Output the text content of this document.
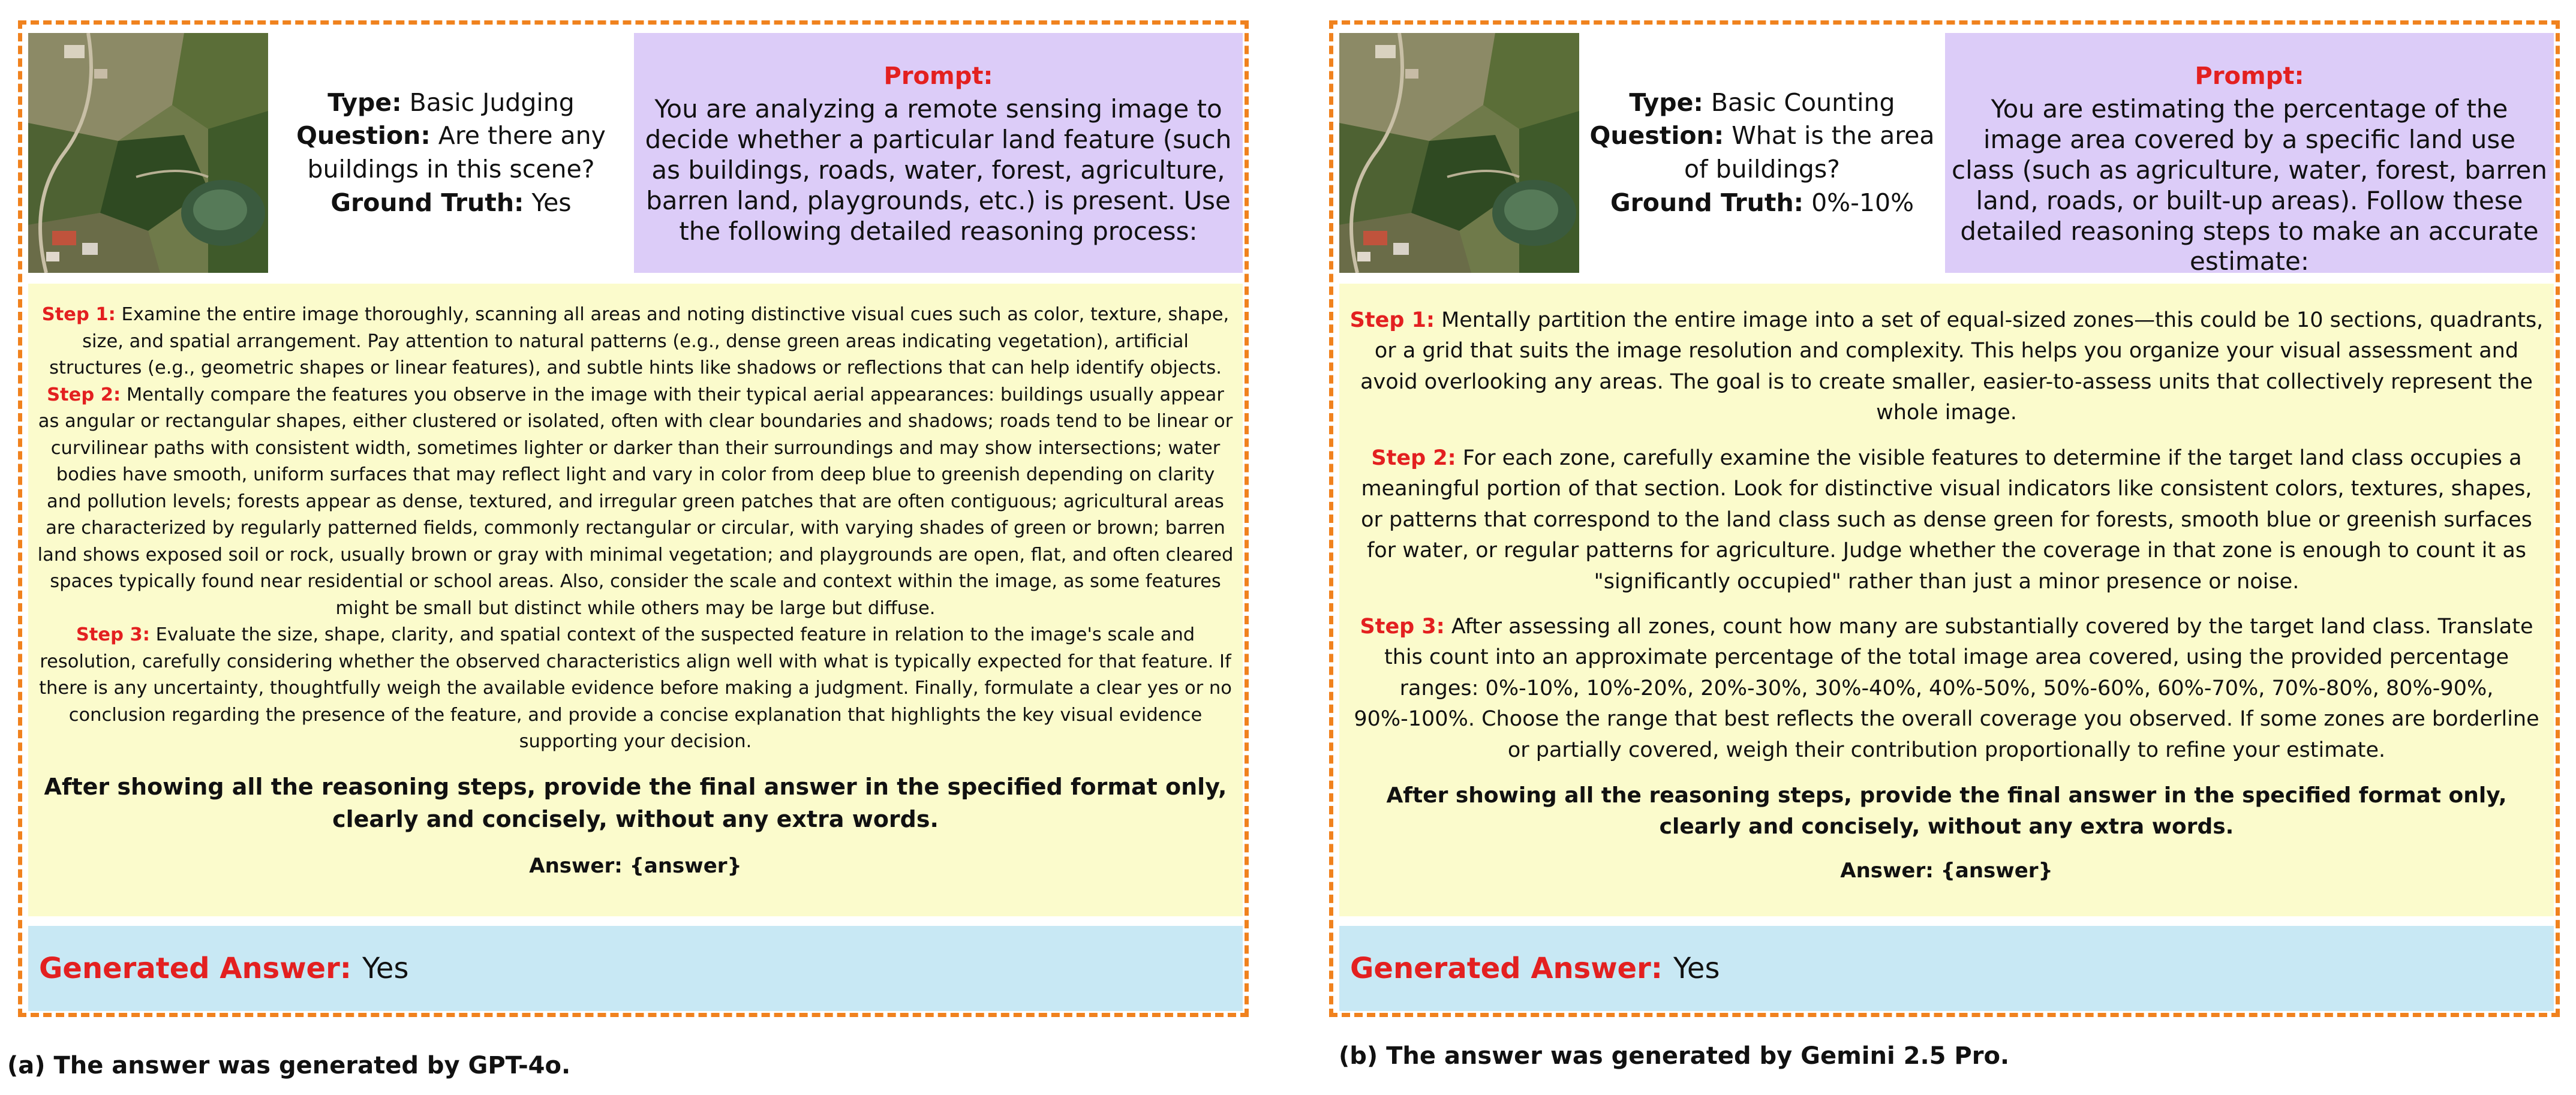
Type: Basic Judging
Question: Are there any buildings in this scene?
Ground Truth: Yes
Prompt:
You are analyzing a remote sensing image to decide whether a particular land feature (such as buildings, roads, water, forest, agriculture, barren land, playgrounds, etc.) is present. Use the following detailed reasoning process:

Step 1: Examine the entire image thoroughly, scanning all areas and noting distinctive visual cues such as color, texture, shape, size, and spatial arrangement. Pay attention to natural patterns (e.g., dense green areas indicating vegetation), artificial structures (e.g., geometric shapes or linear features), and subtle hints like shadows or reflections that can help identify objects.

Step 2: Mentally compare the features you observe in the image with their typical aerial appearances: buildings usually appear as angular or rectangular shapes, either clustered or isolated, often with clear boundaries and shadows; roads tend to be linear or curvilinear paths with consistent width, sometimes lighter or darker than their surroundings and may show intersections; water bodies have smooth, uniform surfaces that may reflect light and vary in color from deep blue to greenish depending on clarity and pollution levels; forests appear as dense, textured, and irregular green patches that are often contiguous; agricultural areas are characterized by regularly patterned fields, commonly rectangular or circular, with varying shades of green or brown; barren land shows exposed soil or rock, usually brown or gray with minimal vegetation; and playgrounds are open, flat, and often cleared spaces typically found near residential or school areas. Also, consider the scale and context within the image, as some features might be small but distinct while others may be large but diffuse.

Step 3: Evaluate the size, shape, clarity, and spatial context of the suspected feature in relation to the image's scale and resolution, carefully considering whether the observed characteristics align well with what is typically expected for that feature. If there is any uncertainty, thoughtfully weigh the available evidence before making a judgment. Finally, formulate a clear yes or no conclusion regarding the presence of the feature, and provide a concise explanation that highlights the key visual evidence supporting your decision.

After showing all the reasoning steps, provide the final answer in the specified format only, clearly and concisely, without any extra words.

Answer: {answer}

Generated Answer: Yes
(a) The answer was generated by GPT-4o.
Type: Basic Counting
Question: What is the area of buildings?
Ground Truth: 0%-10%
Prompt:
You are estimating the percentage of the image area covered by a specific land use class (such as agriculture, water, forest, barren land, roads, or built-up areas). Follow these detailed reasoning steps to make an accurate estimate:

Step 1: Mentally partition the entire image into a set of equal-sized zones—this could be 10 sections, quadrants, or a grid that suits the image resolution and complexity. This helps you organize your visual assessment and avoid overlooking any areas. The goal is to create smaller, easier-to-assess units that collectively represent the whole image.

Step 2: For each zone, carefully examine the visible features to determine if the target land class occupies a meaningful portion of that section. Look for distinctive visual indicators like consistent colors, textures, shapes, or patterns that correspond to the land class such as dense green for forests, smooth blue or greenish surfaces for water, or regular patterns for agriculture. Judge whether the coverage in that zone is enough to count it as "significantly occupied" rather than just a minor presence or noise.

Step 3: After assessing all zones, count how many are substantially covered by the target land class. Translate this count into an approximate percentage of the total image area covered, using the provided percentage ranges: 0%-10%, 10%-20%, 20%-30%, 30%-40%, 40%-50%, 50%-60%, 60%-70%, 70%-80%, 80%-90%, 90%-100%. Choose the range that best reflects the overall coverage you observed. If some zones are borderline or partially covered, weigh their contribution proportionally to refine your estimate.

After showing all the reasoning steps, provide the final answer in the specified format only, clearly and concisely, without any extra words.

Answer: {answer}

Generated Answer: Yes
(b) The answer was generated by Gemini 2.5 Pro.
